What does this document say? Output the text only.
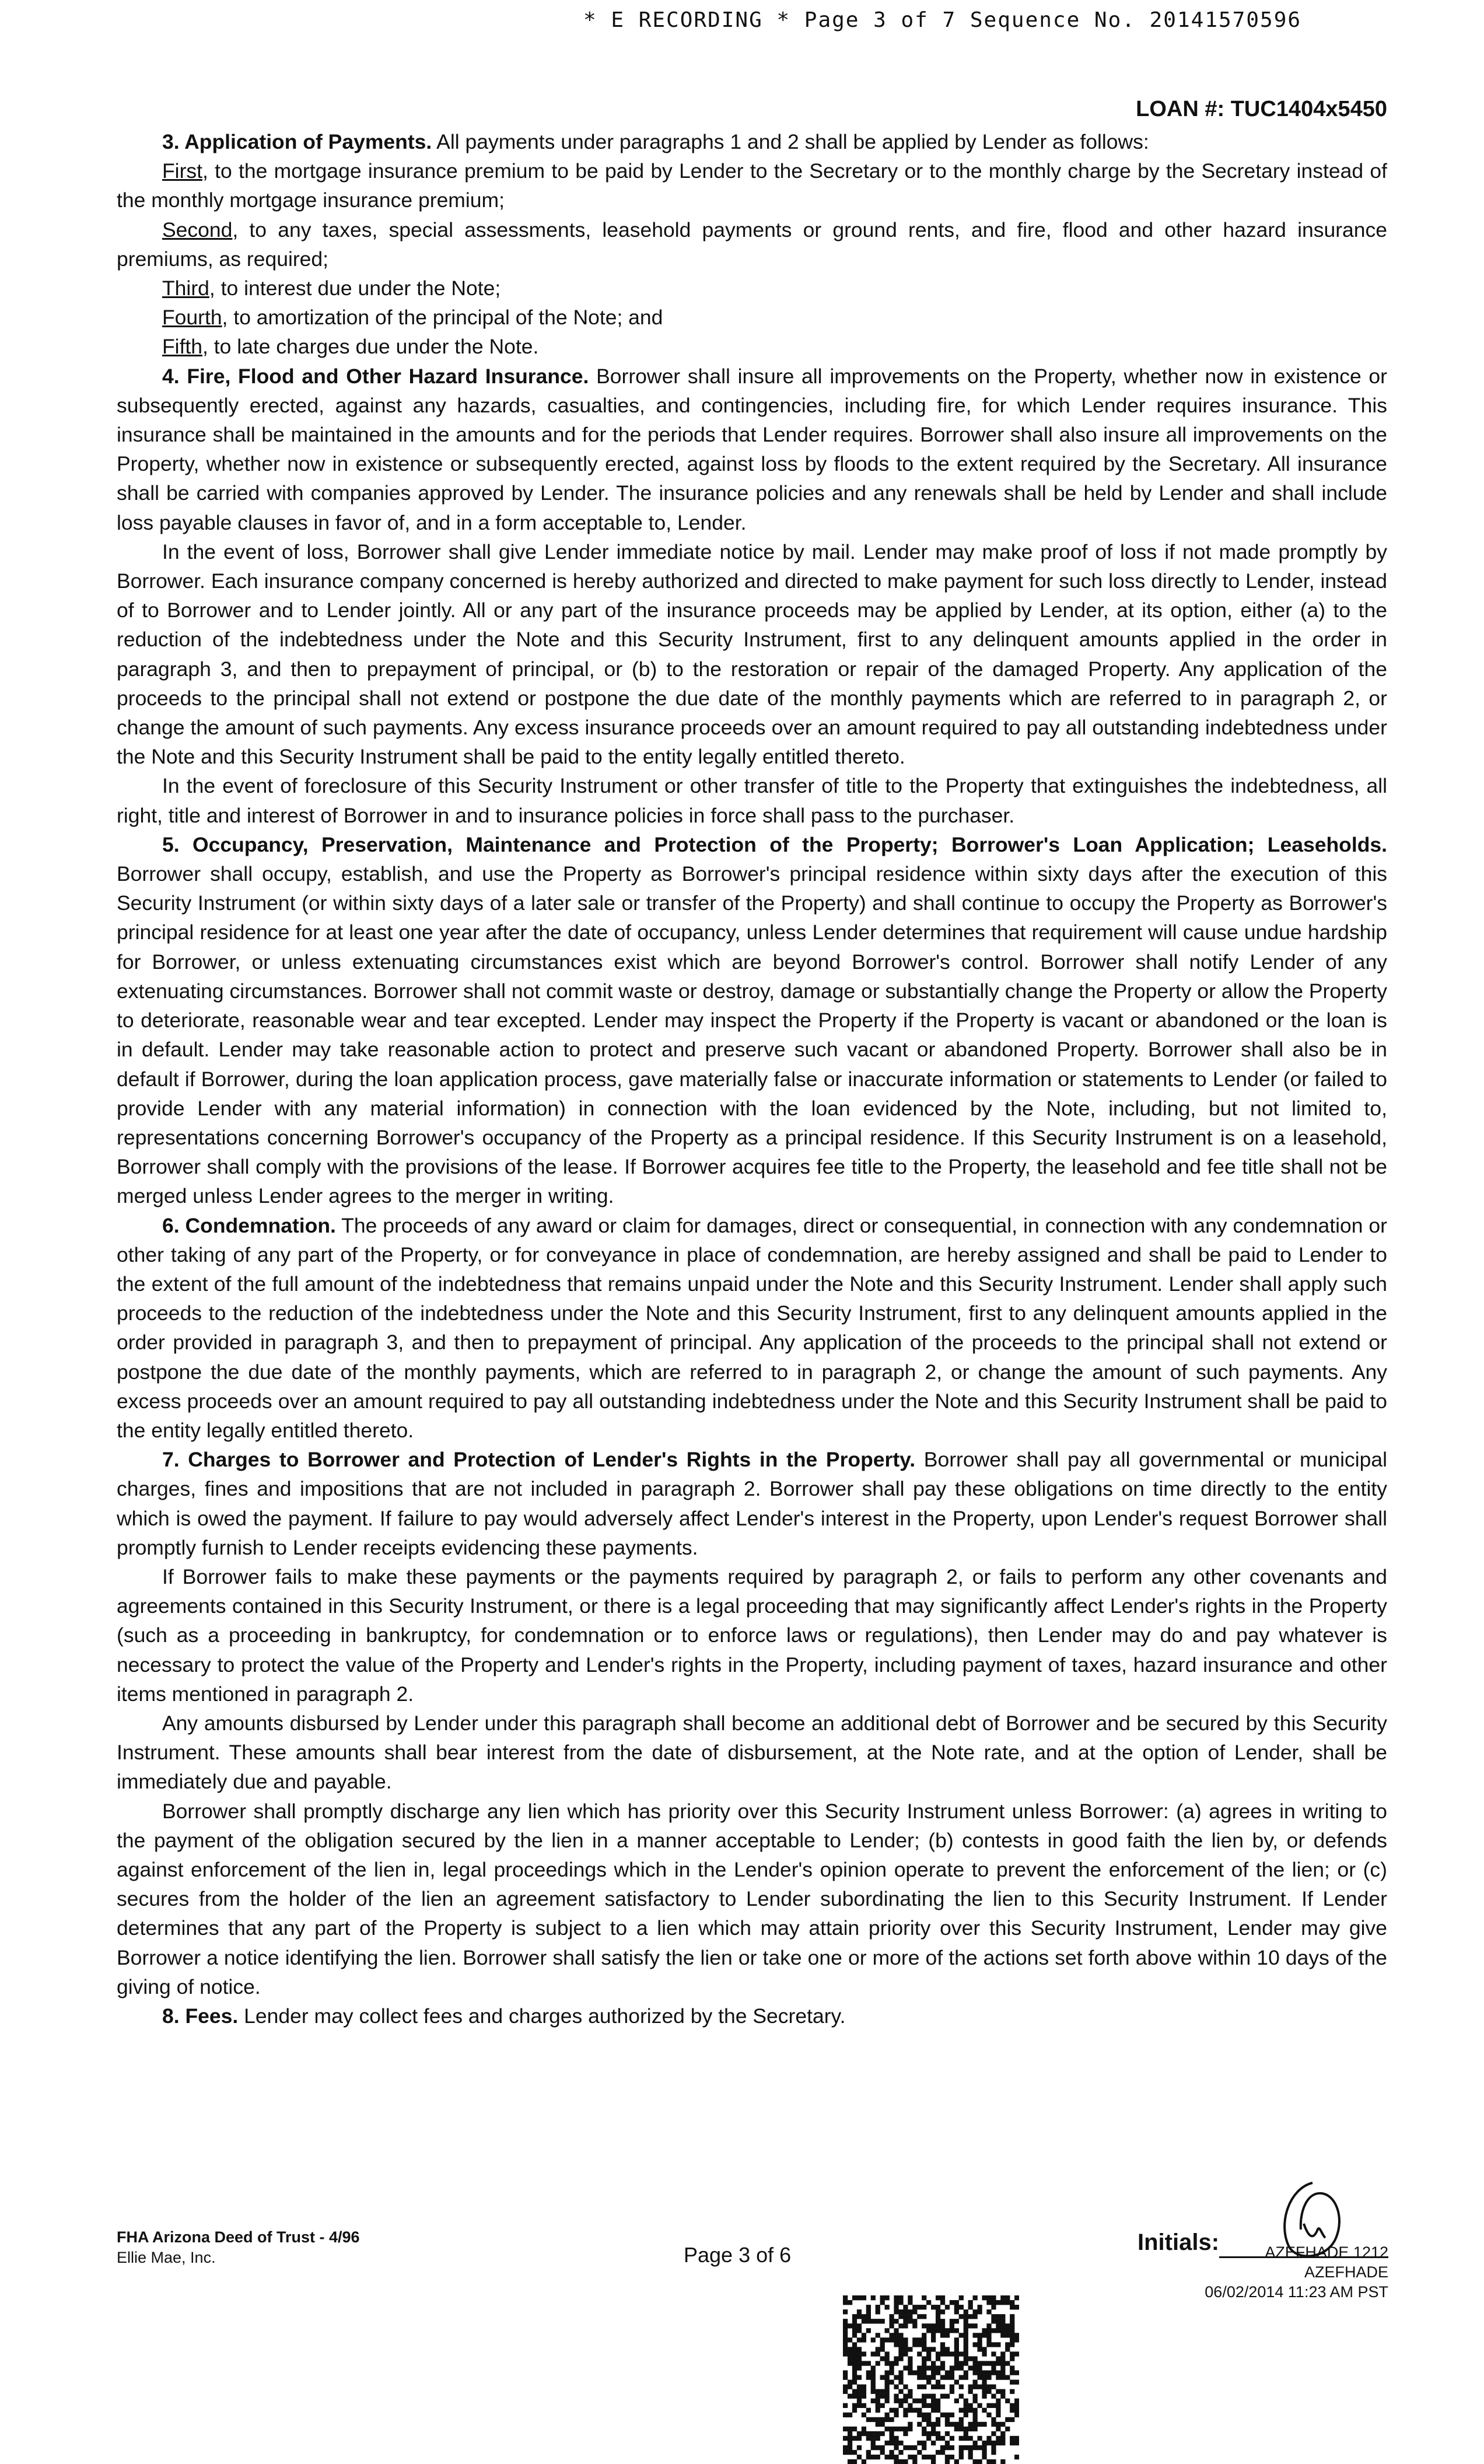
* E RECORDING * Page 3 of 7 Sequence No. 20141570596
LOAN #: TUC1404x5450

3. Application of Payments. All payments under paragraphs 1 and 2 shall be applied by Lender as follows:

First, to the mortgage insurance premium to be paid by Lender to the Secretary or to the monthly charge by the Secretary instead of the monthly mortgage insurance premium;

Second, to any taxes, special assessments, leasehold payments or ground rents, and fire, flood and other hazard insurance premiums, as required;

Third, to interest due under the Note;

Fourth, to amortization of the principal of the Note; and

Fifth, to late charges due under the Note.

4. Fire, Flood and Other Hazard Insurance. Borrower shall insure all improvements on the Property, whether now in existence or subsequently erected, against any hazards, casualties, and contingencies, including fire, for which Lender requires insurance. This insurance shall be maintained in the amounts and for the periods that Lender requires. Borrower shall also insure all improvements on the Property, whether now in existence or subsequently erected, against loss by floods to the extent required by the Secretary. All insurance shall be carried with companies approved by Lender. The insurance policies and any renewals shall be held by Lender and shall include loss payable clauses in favor of, and in a form acceptable to, Lender.

In the event of loss, Borrower shall give Lender immediate notice by mail. Lender may make proof of loss if not made promptly by Borrower. Each insurance company concerned is hereby authorized and directed to make payment for such loss directly to Lender, instead of to Borrower and to Lender jointly. All or any part of the insurance proceeds may be applied by Lender, at its option, either (a) to the reduction of the indebtedness under the Note and this Security Instrument, first to any delinquent amounts applied in the order in paragraph 3, and then to prepayment of principal, or (b) to the restoration or repair of the damaged Property. Any application of the proceeds to the principal shall not extend or postpone the due date of the monthly payments which are referred to in paragraph 2, or change the amount of such payments. Any excess insurance proceeds over an amount required to pay all outstanding indebtedness under the Note and this Security Instrument shall be paid to the entity legally entitled thereto.

In the event of foreclosure of this Security Instrument or other transfer of title to the Property that extinguishes the indebtedness, all right, title and interest of Borrower in and to insurance policies in force shall pass to the purchaser.

5. Occupancy, Preservation, Maintenance and Protection of the Property; Borrower's Loan Application; Leaseholds. Borrower shall occupy, establish, and use the Property as Borrower's principal residence within sixty days after the execution of this Security Instrument (or within sixty days of a later sale or transfer of the Property) and shall continue to occupy the Property as Borrower's principal residence for at least one year after the date of occupancy, unless Lender determines that requirement will cause undue hardship for Borrower, or unless extenuating circumstances exist which are beyond Borrower's control. Borrower shall notify Lender of any extenuating circumstances. Borrower shall not commit waste or destroy, damage or substantially change the Property or allow the Property to deteriorate, reasonable wear and tear excepted. Lender may inspect the Property if the Property is vacant or abandoned or the loan is in default. Lender may take reasonable action to protect and preserve such vacant or abandoned Property. Borrower shall also be in default if Borrower, during the loan application process, gave materially false or inaccurate information or statements to Lender (or failed to provide Lender with any material information) in connection with the loan evidenced by the Note, including, but not limited to, representations concerning Borrower's occupancy of the Property as a principal residence. If this Security Instrument is on a leasehold, Borrower shall comply with the provisions of the lease. If Borrower acquires fee title to the Property, the leasehold and fee title shall not be merged unless Lender agrees to the merger in writing.

6. Condemnation. The proceeds of any award or claim for damages, direct or consequential, in connection with any condemnation or other taking of any part of the Property, or for conveyance in place of condemnation, are hereby assigned and shall be paid to Lender to the extent of the full amount of the indebtedness that remains unpaid under the Note and this Security Instrument. Lender shall apply such proceeds to the reduction of the indebtedness under the Note and this Security Instrument, first to any delinquent amounts applied in the order provided in paragraph 3, and then to prepayment of principal. Any application of the proceeds to the principal shall not extend or postpone the due date of the monthly payments, which are referred to in paragraph 2, or change the amount of such payments. Any excess proceeds over an amount required to pay all outstanding indebtedness under the Note and this Security Instrument shall be paid to the entity legally entitled thereto.

7. Charges to Borrower and Protection of Lender's Rights in the Property. Borrower shall pay all governmental or municipal charges, fines and impositions that are not included in paragraph 2. Borrower shall pay these obligations on time directly to the entity which is owed the payment. If failure to pay would adversely affect Lender's interest in the Property, upon Lender's request Borrower shall promptly furnish to Lender receipts evidencing these payments.

If Borrower fails to make these payments or the payments required by paragraph 2, or fails to perform any other covenants and agreements contained in this Security Instrument, or there is a legal proceeding that may significantly affect Lender's rights in the Property (such as a proceeding in bankruptcy, for condemnation or to enforce laws or regulations), then Lender may do and pay whatever is necessary to protect the value of the Property and Lender's rights in the Property, including payment of taxes, hazard insurance and other items mentioned in paragraph 2.

Any amounts disbursed by Lender under this paragraph shall become an additional debt of Borrower and be secured by this Security Instrument. These amounts shall bear interest from the date of disbursement, at the Note rate, and at the option of Lender, shall be immediately due and payable.

Borrower shall promptly discharge any lien which has priority over this Security Instrument unless Borrower: (a) agrees in writing to the payment of the obligation secured by the lien in a manner acceptable to Lender; (b) contests in good faith the lien by, or defends against enforcement of the lien in, legal proceedings which in the Lender's opinion operate to prevent the enforcement of the lien; or (c) secures from the holder of the lien an agreement satisfactory to Lender subordinating the lien to this Security Instrument. If Lender determines that any part of the Property is subject to a lien which may attain priority over this Security Instrument, Lender may give Borrower a notice identifying the lien. Borrower shall satisfy the lien or take one or more of the actions set forth above within 10 days of the giving of notice.

8. Fees. Lender may collect fees and charges authorized by the Secretary.

FHA Arizona Deed of Trust - 4/96
Ellie Mae, Inc.	Page 3 of 6	Initials:	AZEFHADE 1212
AZEFHADE
06/02/2014 11:23 AM PST
